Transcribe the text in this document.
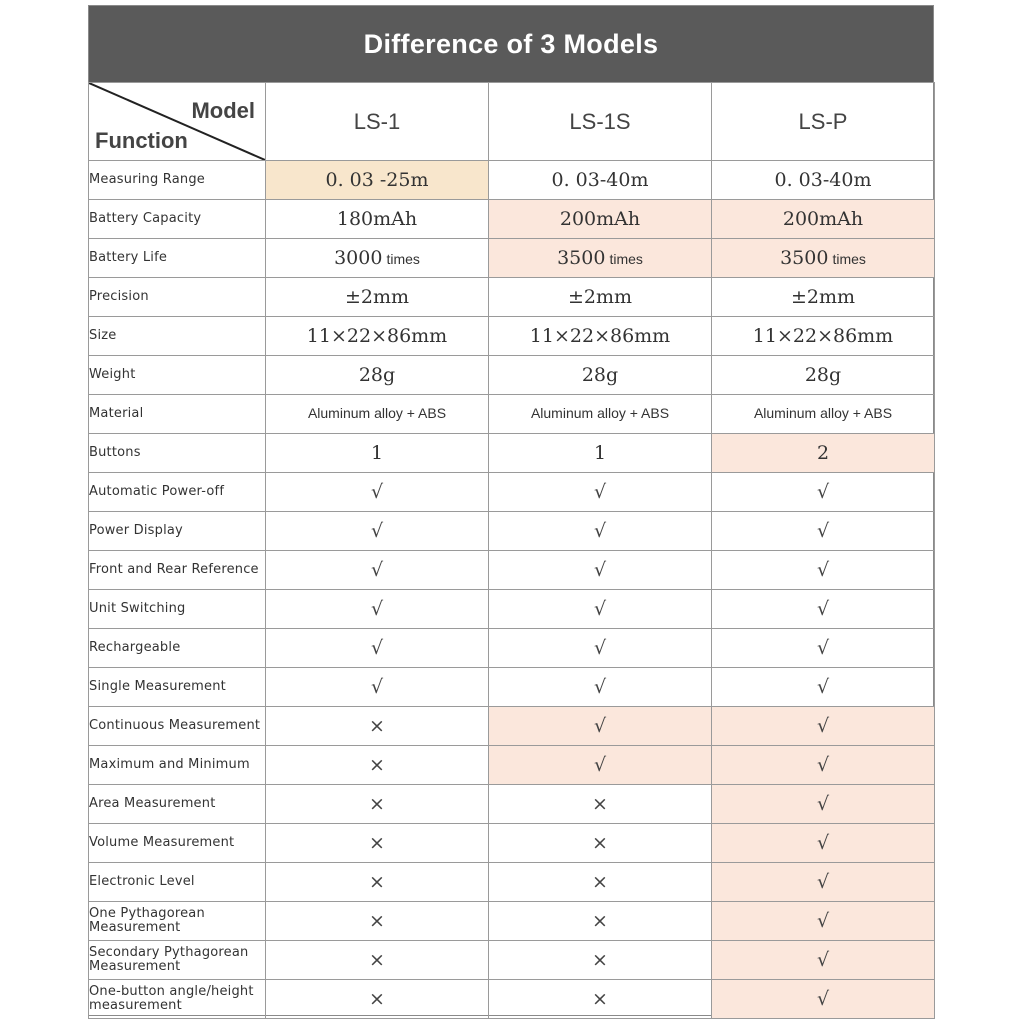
Difference of 3 Models
Model
Function	LS-1	LS-1S	LS-P
Measuring Range	0. 03 -25m	0. 03-40m	0. 03-40m
Battery Capacity	180mAh	200mAh	200mAh
Battery Life	3000 times	3500 times	3500 times
Precision	±2mm	±2mm	±2mm
Size	11×22×86mm	11×22×86mm	11×22×86mm
Weight	28g	28g	28g
Material	Aluminum alloy + ABS	Aluminum alloy + ABS	Aluminum alloy + ABS
Buttons	1	1	2
Automatic Power-off	√	√	√
Power Display	√	√	√
Front and Rear Reference	√	√	√
Unit Switching	√	√	√
Rechargeable	√	√	√
Single Measurement	√	√	√
Continuous Measurement	×	√	√
Maximum and Minimum	×	√	√
Area Measurement	×	×	√
Volume Measurement	×	×	√
Electronic Level	×	×	√
One Pythagorean
Measurement	×	×	√
Secondary Pythagorean
Measurement	×	×	√
One-button angle/height
measurement	×	×	√
